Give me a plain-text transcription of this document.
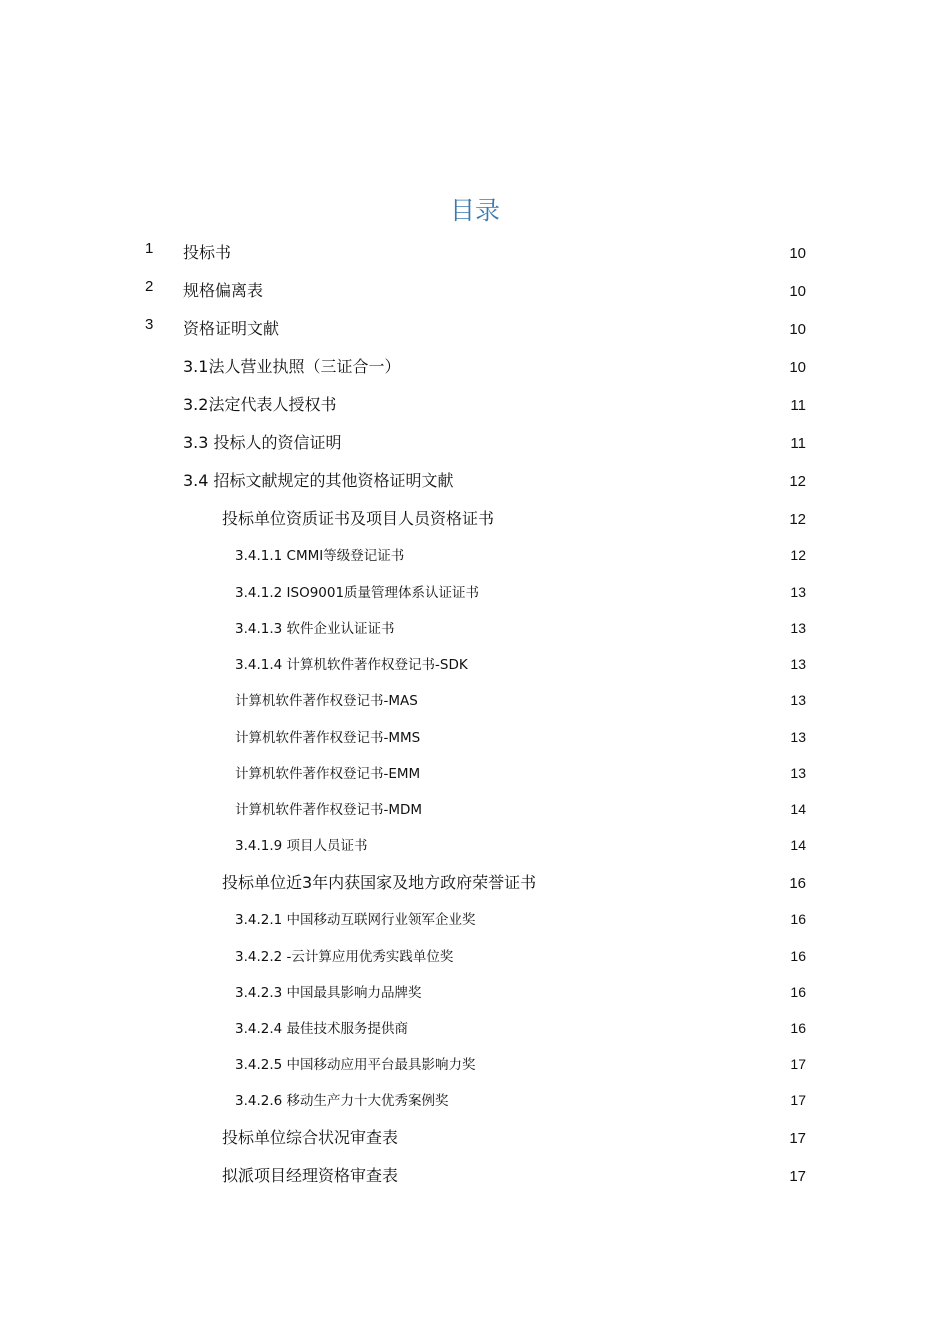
目录
1 投标书	10
2 规格偏离表	10
3 资格证明文献	10
3.1法人营业执照（三证合一）	10
3.2法定代表人授权书	11
3.3 投标人的资信证明	11
3.4 招标文献规定的其他资格证明文献	12
投标单位资质证书及项目人员资格证书	12
3.4.1.1 CMMI等级登记证书	12
3.4.1.2 ISO9001质量管理体系认证证书	13
3.4.1.3 软件企业认证证书	13
3.4.1.4 计算机软件著作权登记书-SDK	13
计算机软件著作权登记书-MAS	13
计算机软件著作权登记书-MMS	13
计算机软件著作权登记书-EMM	13
计算机软件著作权登记书-MDM	14
3.4.1.9 项目人员证书	14
投标单位近3年内获国家及地方政府荣誉证书	16
3.4.2.1 中国移动互联网行业领军企业奖	16
3.4.2.2 -云计算应用优秀实践单位奖	16
3.4.2.3 中国最具影响力品牌奖	16
3.4.2.4 最佳技术服务提供商	16
3.4.2.5 中国移动应用平台最具影响力奖	17
3.4.2.6 移动生产力十大优秀案例奖	17
投标单位综合状况审查表	17
拟派项目经理资格审查表	17
